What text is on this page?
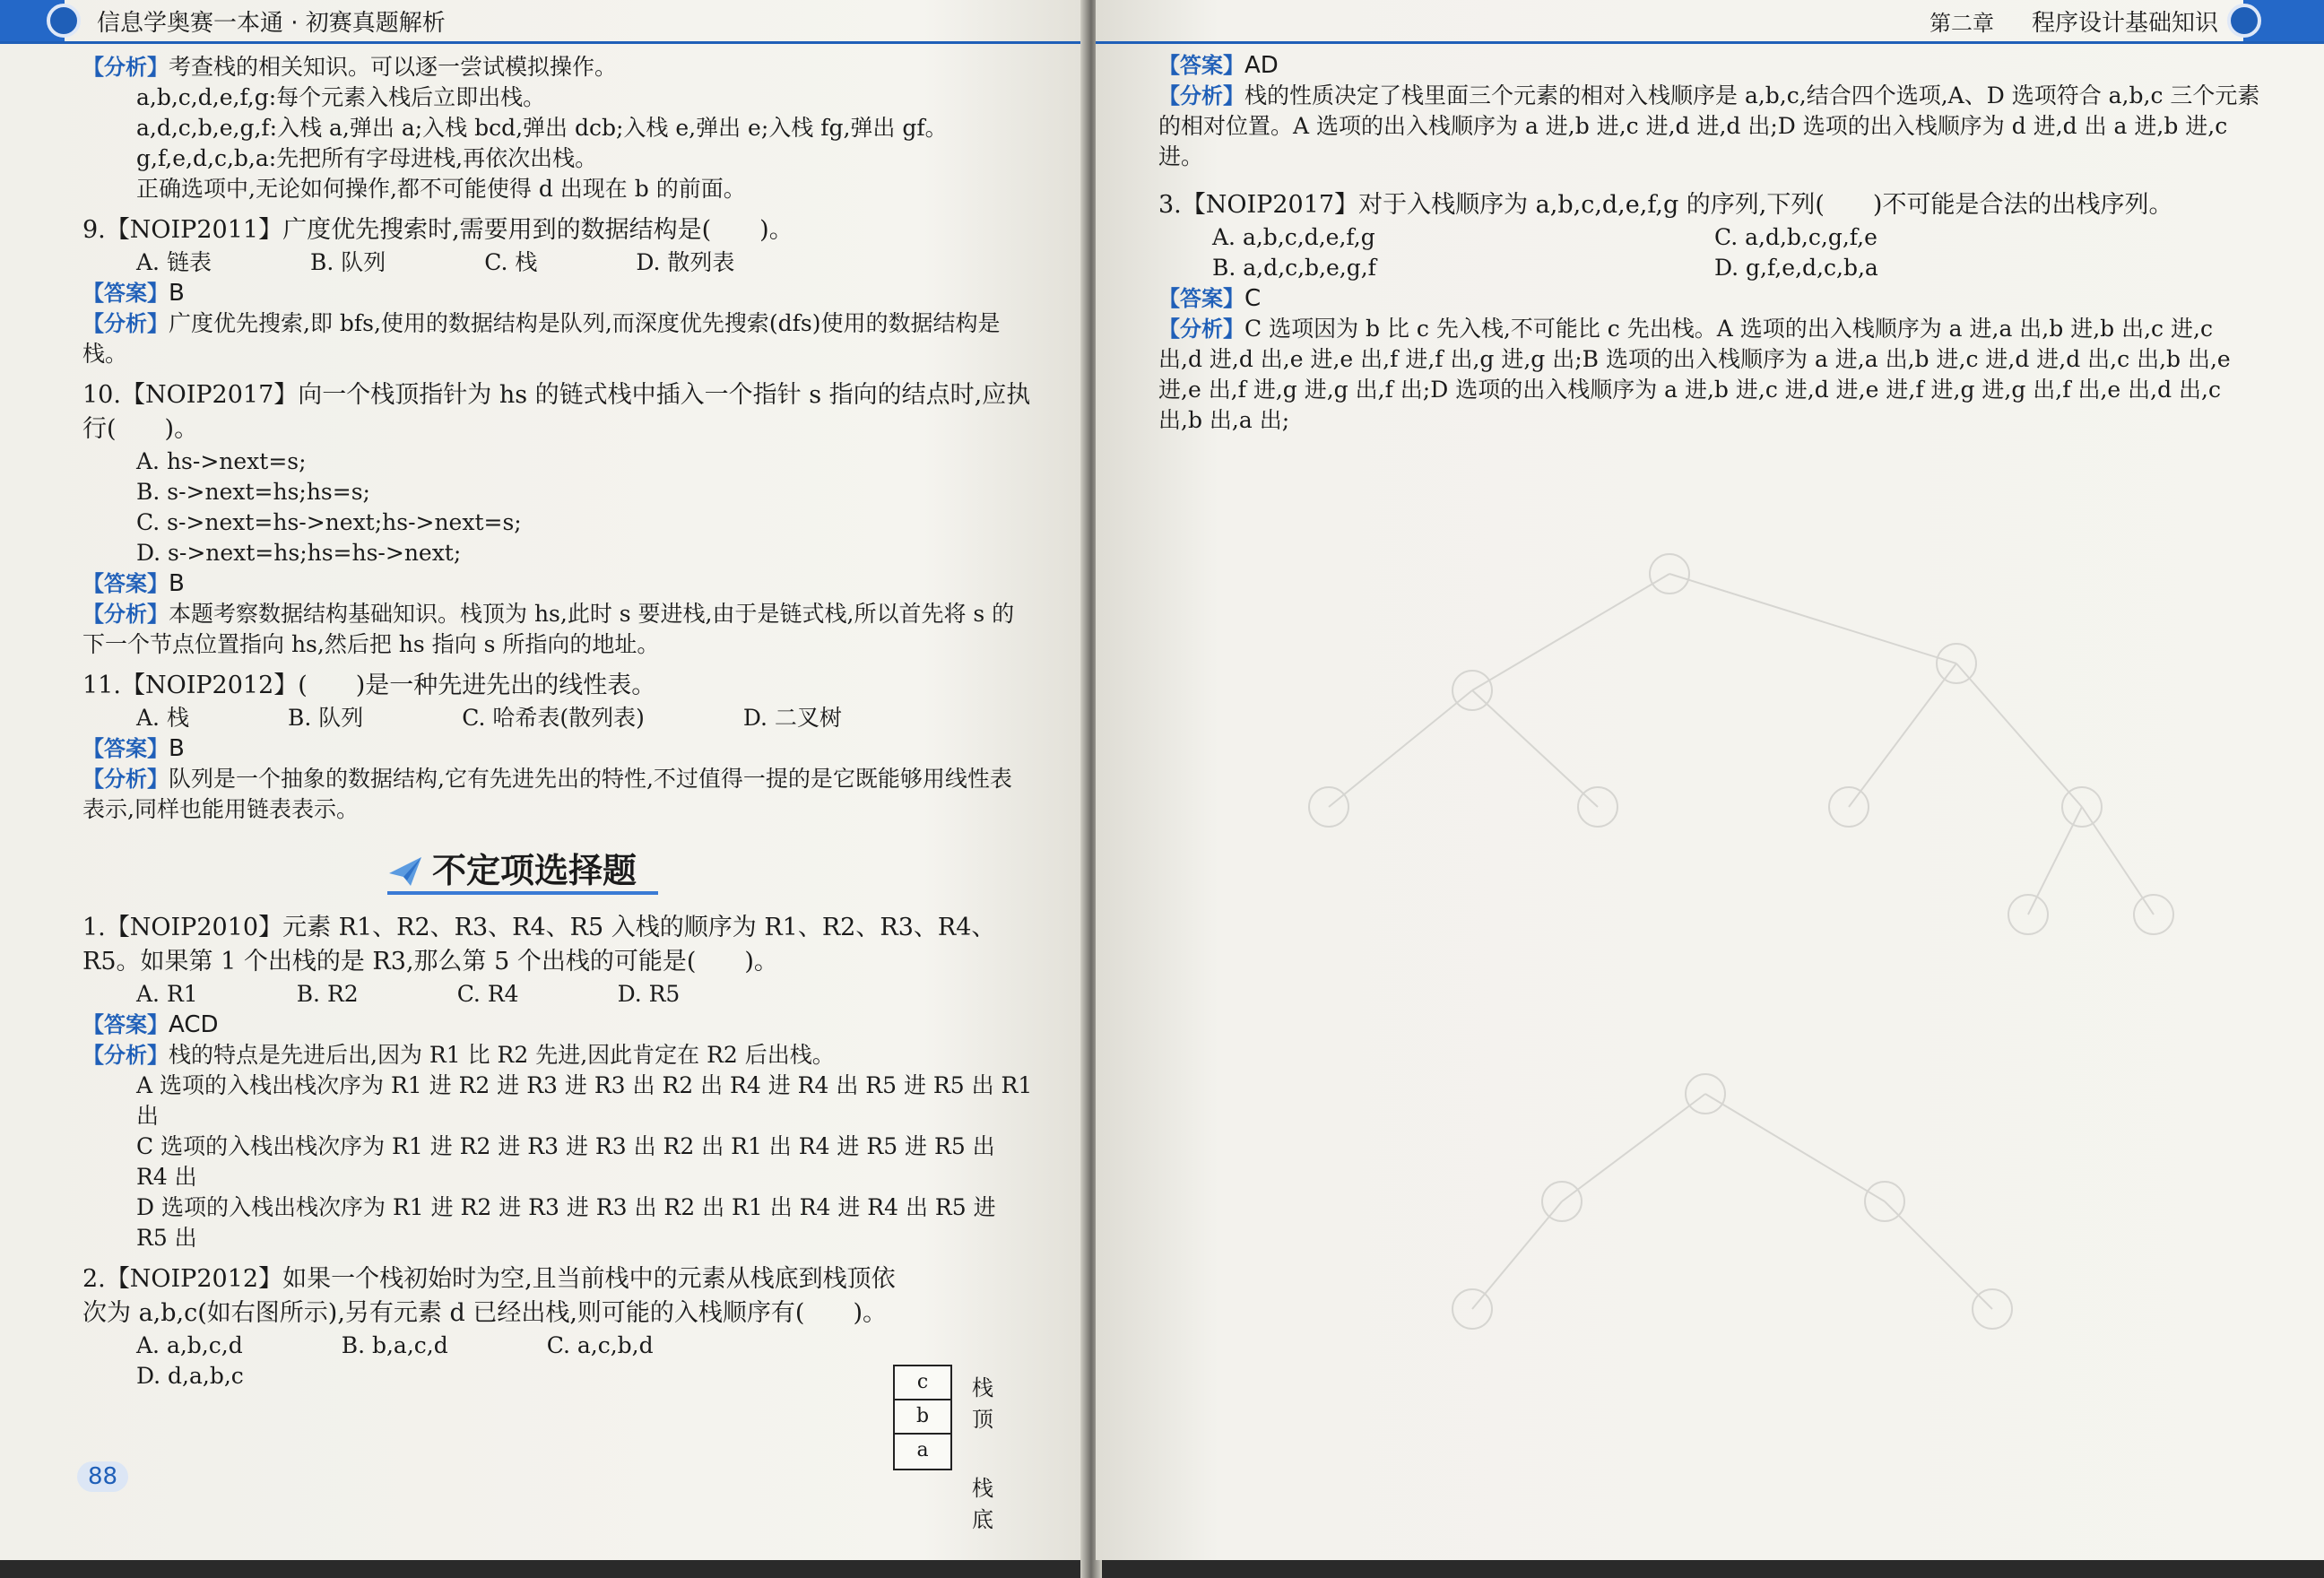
信息学奥赛一本通 · 初赛真题解析
【分析】考查栈的相关知识。可以逐一尝试模拟操作。
a,b,c,d,e,f,g:每个元素入栈后立即出栈。
a,d,c,b,e,g,f:入栈 a,弹出 a;入栈 bcd,弹出 dcb;入栈 e,弹出 e;入栈 fg,弹出 gf。
g,f,e,d,c,b,a:先把所有字母进栈,再依次出栈。
正确选项中,无论如何操作,都不可能使得 d 出现在 b 的前面。
9.【NOIP2011】广度优先搜索时,需要用到的数据结构是(　　)。
A. 链表	B. 队列	C. 栈	D. 散列表
【答案】B
【分析】广度优先搜索,即 bfs,使用的数据结构是队列,而深度优先搜索(dfs)使用的数据结构是栈。
10.【NOIP2017】向一个栈顶指针为 hs 的链式栈中插入一个指针 s 指向的结点时,应执行(　　)。
A. hs->next=s;
B. s->next=hs;hs=s;
C. s->next=hs->next;hs->next=s;
D. s->next=hs;hs=hs->next;
【答案】B
【分析】本题考察数据结构基础知识。栈顶为 hs,此时 s 要进栈,由于是链式栈,所以首先将 s 的下一个节点位置指向 hs,然后把 hs 指向 s 所指向的地址。
11.【NOIP2012】(　　)是一种先进先出的线性表。
A. 栈	B. 队列	C. 哈希表(散列表)	D. 二叉树
【答案】B
【分析】队列是一个抽象的数据结构,它有先进先出的特性,不过值得一提的是它既能够用线性表表示,同样也能用链表表示。
不定项选择题
1.【NOIP2010】元素 R1、R2、R3、R4、R5 入栈的顺序为 R1、R2、R3、R4、R5。如果第 1 个出栈的是 R3,那么第 5 个出栈的可能是(　　)。
A. R1	B. R2	C. R4	D. R5
【答案】ACD
【分析】栈的特点是先进后出,因为 R1 比 R2 先进,因此肯定在 R2 后出栈。
A 选项的入栈出栈次序为 R1 进 R2 进 R3 进 R3 出 R2 出 R4 进 R4 出 R5 进 R5 出 R1 出
C 选项的入栈出栈次序为 R1 进 R2 进 R3 进 R3 出 R2 出 R1 出 R4 进 R5 进 R5 出 R4 出
D 选项的入栈出栈次序为 R1 进 R2 进 R3 进 R3 出 R2 出 R1 出 R4 进 R4 出 R5 进 R5 出
2.【NOIP2012】如果一个栈初始时为空,且当前栈中的元素从栈底到栈顶依次为 a,b,c(如右图所示),另有元素 d 已经出栈,则可能的入栈顺序有(　　)。
A. a,b,c,d	B. b,a,c,d	C. a,c,b,d
D. d,a,b,c	c
b
a
栈顶
栈底
88
第二章	程序设计基础知识
【答案】AD
【分析】栈的性质决定了栈里面三个元素的相对入栈顺序是 a,b,c,结合四个选项,A、D 选项符合 a,b,c 三个元素的相对位置。A 选项的出入栈顺序为 a 进,b 进,c 进,d 进,d 出;D 选项的出入栈顺序为 d 进,d 出 a 进,b 进,c 进。
3.【NOIP2017】对于入栈顺序为 a,b,c,d,e,f,g 的序列,下列(　　)不可能是合法的出栈序列。
A. a,b,c,d,e,f,g	C. a,d,b,c,g,f,e
B. a,d,c,b,e,g,f	D. g,f,e,d,c,b,a
【答案】C
【分析】C 选项因为 b 比 c 先入栈,不可能比 c 先出栈。A 选项的出入栈顺序为 a 进,a 出,b 进,b 出,c 进,c 出,d 进,d 出,e 进,e 出,f 进,f 出,g 进,g 出;B 选项的出入栈顺序为 a 进,a 出,b 进,c 进,d 进,d 出,c 出,b 出,e 进,e 出,f 进,g 进,g 出,f 出;D 选项的出入栈顺序为 a 进,b 进,c 进,d 进,e 进,f 进,g 进,g 出,f 出,e 出,d 出,c 出,b 出,a 出;
